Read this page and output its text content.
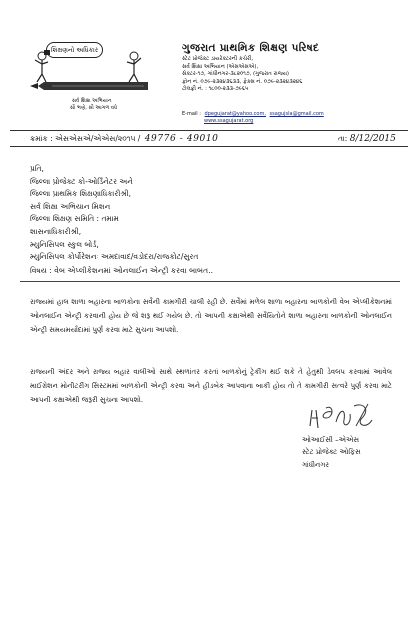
શિક્ષણનો અધિકાર
સર્વ શિક્ષા અભિયાન
સૌ ભણે, સૌ આગળ વધે
ગુજરાત પ્રાથમિક શિક્ષણ પરિષદ
સ્ટેટ પ્રોજેક્ટ ડાયરેક્ટરની કચેરી,
સર્વ શિક્ષા અભિયાન (એસએસએ),
સેક્ટર-૧૭, ગાંધીનગર-૩૮૨૦૧૭, (ગુજરાત રાજ્ય)
ફોન નં. ૦૭૯-૨૩૨૪૩૬૩૩, ફેક્સ નં. ૦૭૯-૨૩૨૪૩૨૪૬
ટોલફ્રી નં. : ૧૮૦૦-૨૩૩-૭૯૬૫
E-mail : dpegujarat@yahoo.com, ssagujsla@gmail.com
www.ssagujarat.org
ક્રમાંક : એસએસએ/એએસ/૨૦૧૫ / 49776 - 49010	તા: 8/12/2015
પ્રતિ,
જિલ્લા પ્રોજેક્ટ કો-ઓર્ડિનેટર અને
જિલ્લા પ્રાથમિક શિક્ષણાધિકારીશ્રી,
સર્વ શિક્ષા અભિયાન મિશન
જિલ્લા શિક્ષણ સમિતિ : તમામ
શાસનાધિકારીશ્રી,
મ્યુનિસિપલ સ્કુલ બોર્ડ,
મ્યુનિસિપલ કોર્પોરેશનઃ અમદાવાદ/વડોદરા/રાજકોટ/સુરત
વિષય : વેબ એપ્લીકેશનમાં ઓનલાઈન એન્ટ્રી કરવા બાબત..
રાજ્યમાં હાલ શાળા બહારના બાળકોના સર્વેની કામગીરી ચાલી રહી છે. સર્વેમાં મળેલ શાળા બહારના બાળકોની વેબ એપ્લીકેશનમાં ઓનલાઈન એન્ટ્રી કરવાની હોય છે જે શરૂ થઈ ગયેલ છે. તો આપની કક્ષાએથી સર્વેયિતોને શાળા બહારના બાળકોની ઓનલાઈન એન્ટ્રી સમયમર્યાદામાં પુર્ણ કરવા માટે સુચના આપશો.
રાજ્યની અંદર અને રાજ્ય બહાર વાલીઓ સાથે સ્થળાંતર કરતાં બાળકોનું ટ્રેકીંગ થઈ શકે તે હેતુથી ડેવલપ કરવામાં આવેલ માઈગ્રેશન મોનીટરીંગ સિસ્ટમમાં બાળકોની એન્ટ્રી કરવા અને હીડબેક આપવાના બાકી હોય તો તે કામગીરી સત્વરે પુર્ણ કરવા માટે આપની કક્ષાએથી જરૂરી સુચના આપશો.
ઓઆઈસી –એએસ
સ્ટેટ પ્રોજેક્ટ ઓફિસ
ગાંધીનગર
